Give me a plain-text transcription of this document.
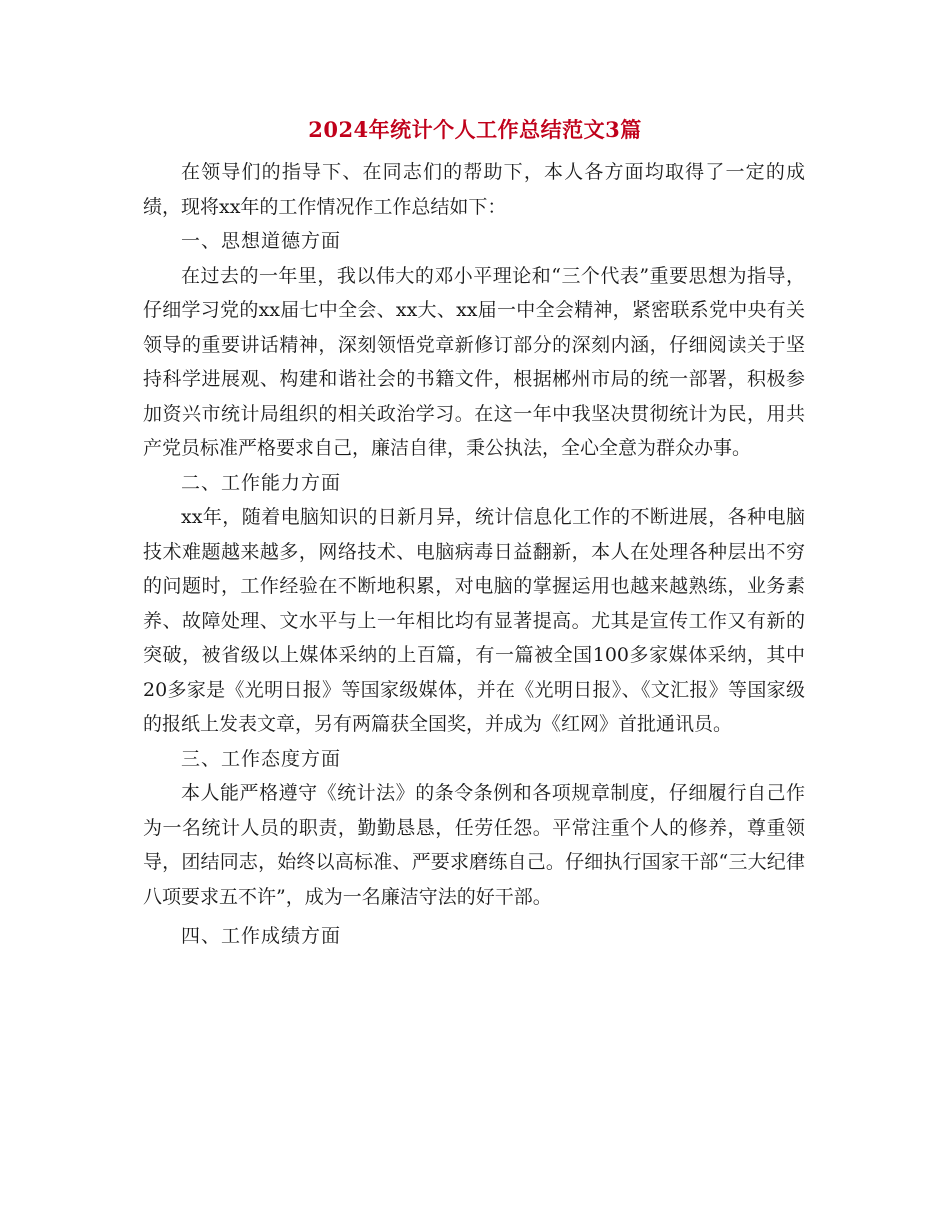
2024年统计个人工作总结范文3篇

在领导们的指导下、在同志们的帮助下，本人各方面均取得了一定的成绩，现将xx年的工作情况作工作总结如下：

一、思想道德方面

在过去的一年里，我以伟大的邓小平理论和“三个代表”重要思想为指导，仔细学习党的xx届七中全会、xx大、xx届一中全会精神，紧密联系党中央有关领导的重要讲话精神，深刻领悟党章新修订部分的深刻内涵，仔细阅读关于坚持科学进展观、构建和谐社会的书籍文件，根据郴州市局的统一部署，积极参加资兴市统计局组织的相关政治学习。在这一年中我坚决贯彻统计为民，用共产党员标准严格要求自己，廉洁自律，秉公执法，全心全意为群众办事。

二、工作能力方面

xx年，随着电脑知识的日新月异，统计信息化工作的不断进展，各种电脑技术难题越来越多，网络技术、电脑病毒日益翻新，本人在处理各种层出不穷的问题时，工作经验在不断地积累，对电脑的掌握运用也越来越熟练，业务素养、故障处理、文水平与上一年相比均有显著提高。尤其是宣传工作又有新的突破，被省级以上媒体采纳的上百篇，有一篇被全国100多家媒体采纳，其中20多家是《光明日报》等国家级媒体，并在《光明日报》、《文汇报》等国家级的报纸上发表文章，另有两篇获全国奖，并成为《红网》首批通讯员。

三、工作态度方面

本人能严格遵守《统计法》的条令条例和各项规章制度，仔细履行自己作为一名统计人员的职责，勤勤恳恳，任劳任怨。平常注重个人的修养，尊重领导，团结同志，始终以高标准、严要求磨练自己。仔细执行国家干部“三大纪律八项要求五不许”，成为一名廉洁守法的好干部。

四、工作成绩方面
